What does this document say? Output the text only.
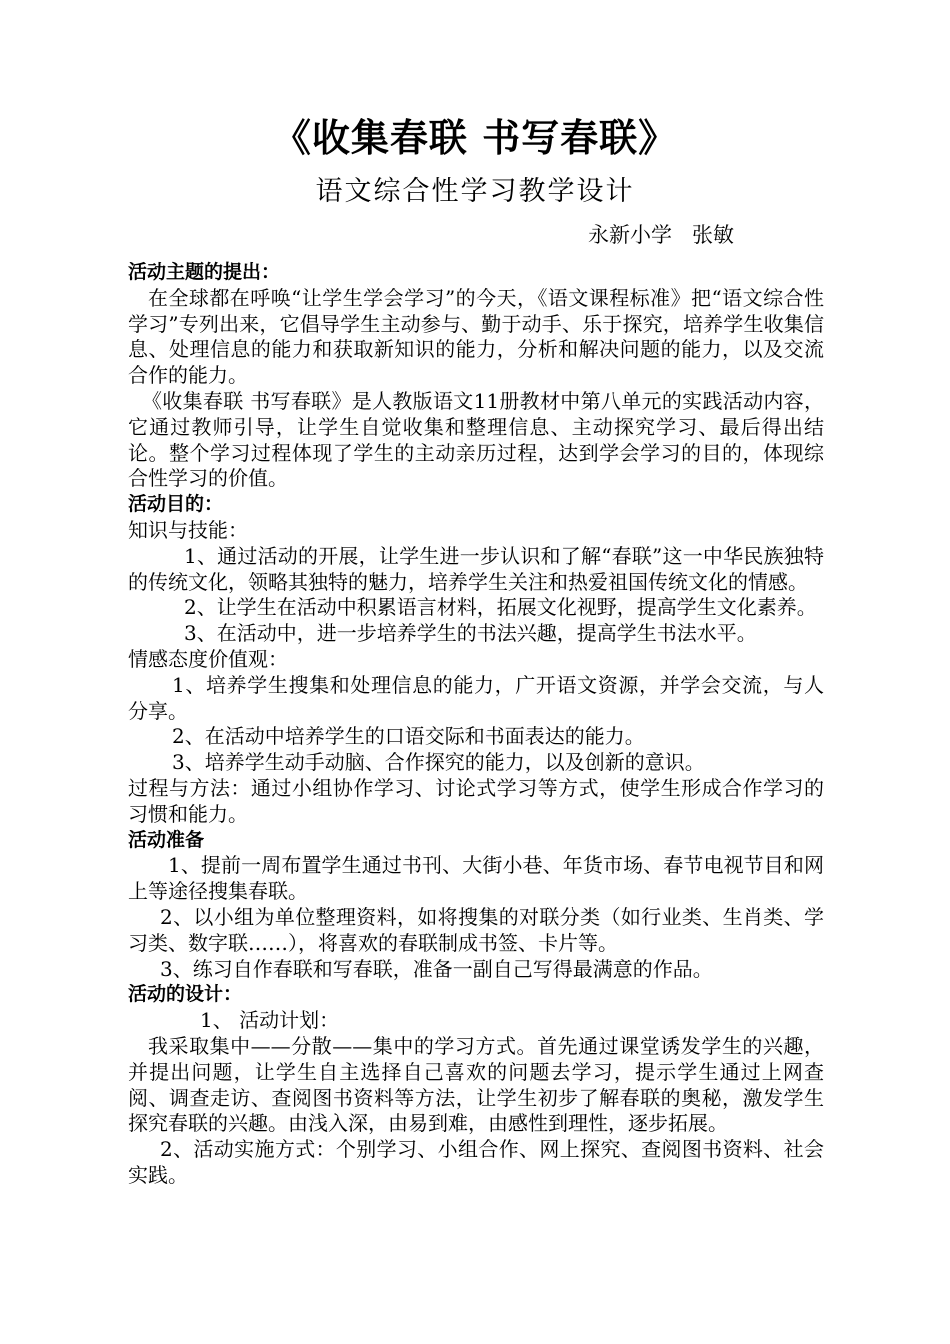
《收集春联 书写春联》
语文综合性学习教学设计
永新小学   张敏

活动主题的提出：

在全球都在呼唤“让学生学会学习”的今天，《语文课程标准》把“语文综合性学习”专列出来，它倡导学生主动参与、勤于动手、乐于探究，培养学生收集信息、处理信息的能力和获取新知识的能力，分析和解决问题的能力，以及交流合作的能力。

《收集春联 书写春联》是人教版语文11册教材中第八单元的实践活动内容，它通过教师引导，让学生自觉收集和整理信息、主动探究学习、最后得出结论。整个学习过程体现了学生的主动亲历过程，达到学会学习的目的，体现综合性学习的价值。

活动目的：

知识与技能：

1、通过活动的开展，让学生进一步认识和了解“春联”这一中华民族独特的传统文化，领略其独特的魅力，培养学生关注和热爱祖国传统文化的情感。

2、让学生在活动中积累语言材料，拓展文化视野，提高学生文化素养。

3、在活动中，进一步培养学生的书法兴趣，提高学生书法水平。

情感态度价值观：

1、培养学生搜集和处理信息的能力，广开语文资源，并学会交流，与人分享。

2、在活动中培养学生的口语交际和书面表达的能力。

3、培养学生动手动脑、合作探究的能力，以及创新的意识。

过程与方法：通过小组协作学习、讨论式学习等方式，使学生形成合作学习的习惯和能力。

活动准备

1、提前一周布置学生通过书刊、大街小巷、年货市场、春节电视节目和网上等途径搜集春联。

2、以小组为单位整理资料，如将搜集的对联分类（如行业类、生肖类、学习类、数字联……），将喜欢的春联制成书签、卡片等。

3、练习自作春联和写春联，准备一副自己写得最满意的作品。

活动的设计：

1、 活动计划：

我采取集中——分散——集中的学习方式。首先通过课堂诱发学生的兴趣，并提出问题，让学生自主选择自己喜欢的问题去学习，提示学生通过上网查阅、调查走访、查阅图书资料等方法，让学生初步了解春联的奥秘，激发学生探究春联的兴趣。由浅入深，由易到难，由感性到理性，逐步拓展。

2、活动实施方式：个别学习、小组合作、网上探究、查阅图书资料、社会实践。
